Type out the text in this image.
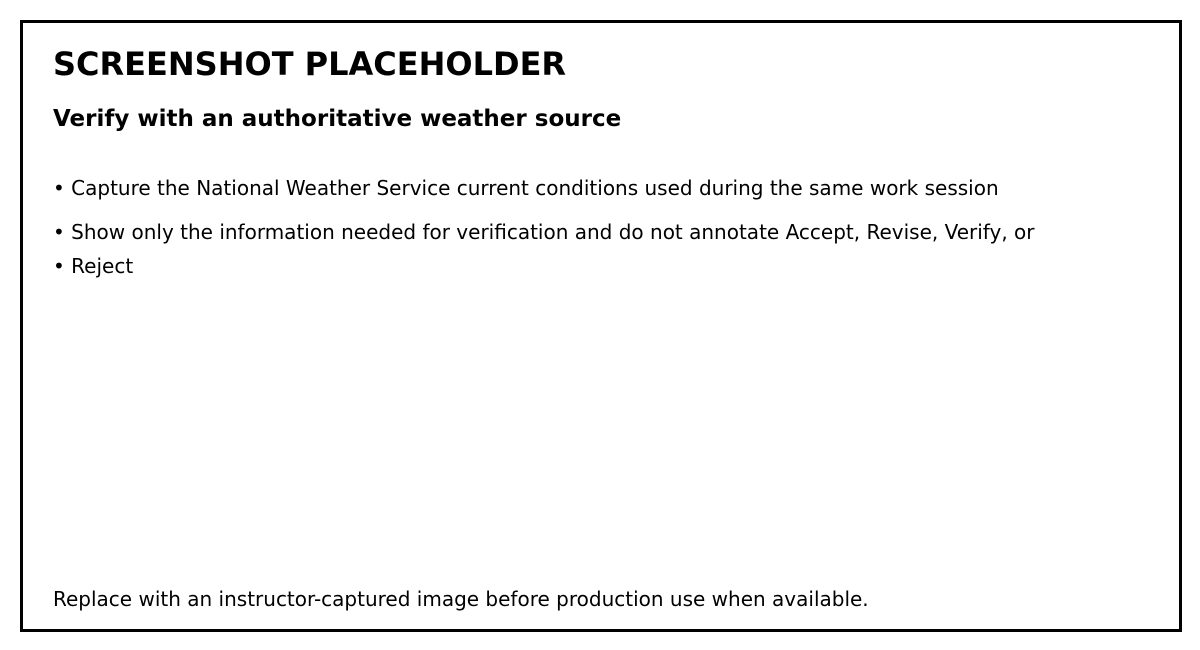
SCREENSHOT PLACEHOLDER
Verify with an authoritative weather source
• Capture the National Weather Service current conditions used during the same work session
• Show only the information needed for verification and do not annotate Accept, Revise, Verify, or
• Reject

Replace with an instructor-captured image before production use when available.
